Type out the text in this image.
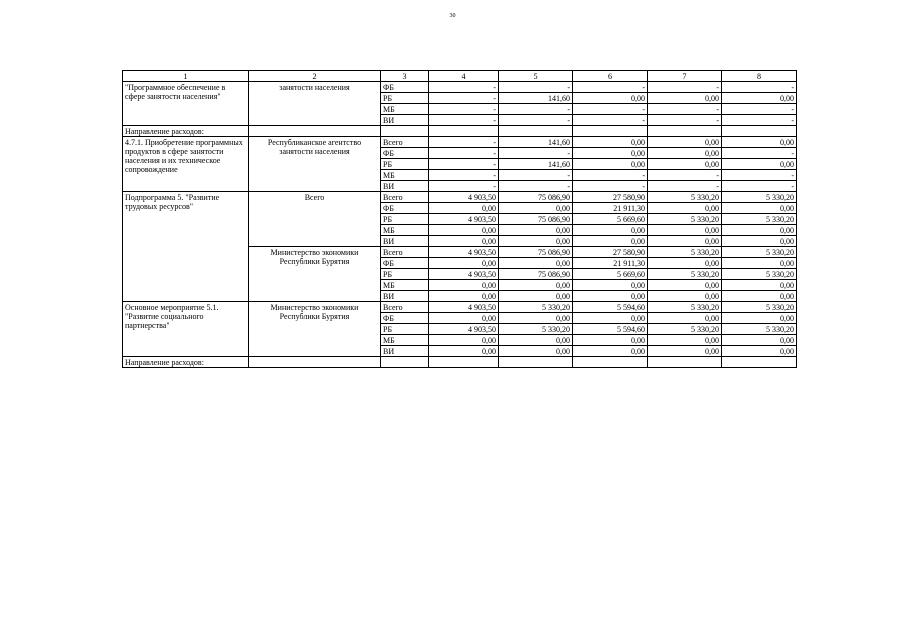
30
1	2	3	4	5	6	7	8
"Программное обеспечение в сфере занятости населения"	занятости населения	ФБ	-	-	-	-	-
		РБ	-	141,60	0,00	0,00	0,00
		МБ	-	-	-	-	-
		ВИ	-	-	-	-	-
Направление расходов:							
4.7.1. Приобретение программных продуктов в сфере занятости населения и их техническое сопровождение	Республиканское агентство занятости населения	Всего	-	141,60	0,00	0,00	0,00
		ФБ	-	-	0,00	0,00	-
		РБ	-	141,60	0,00	0,00	0,00
		МБ	-	-	-	-	-
		ВИ	-	-	-	-	-
Подпрограмма 5. "Развитие трудовых ресурсов"	Всего	Всего	4 903,50	75 086,90	27 580,90	5 330,20	5 330,20
		ФБ	0,00	0,00	21 911,30	0,00	0,00
		РБ	4 903,50	75 086,90	5 669,60	5 330,20	5 330,20
		МБ	0,00	0,00	0,00	0,00	0,00
		ВИ	0,00	0,00	0,00	0,00	0,00
	Министерство экономики Республики Бурятия	Всего	4 903,50	75 086,90	27 580,90	5 330,20	5 330,20
		ФБ	0,00	0,00	21 911,30	0,00	0,00
		РБ	4 903,50	75 086,90	5 669,60	5 330,20	5 330,20
		МБ	0,00	0,00	0,00	0,00	0,00
		ВИ	0,00	0,00	0,00	0,00	0,00
Основное мероприятие 5.1. "Развитие социального партнерства"	Министерство экономики Республики Бурятия	Всего	4 903,50	5 330,20	5 594,60	5 330,20	5 330,20
		ФБ	0,00	0,00	0,00	0,00	0,00
		РБ	4 903,50	5 330,20	5 594,60	5 330,20	5 330,20
		МБ	0,00	0,00	0,00	0,00	0,00
		ВИ	0,00	0,00	0,00	0,00	0,00
Направление расходов:							
